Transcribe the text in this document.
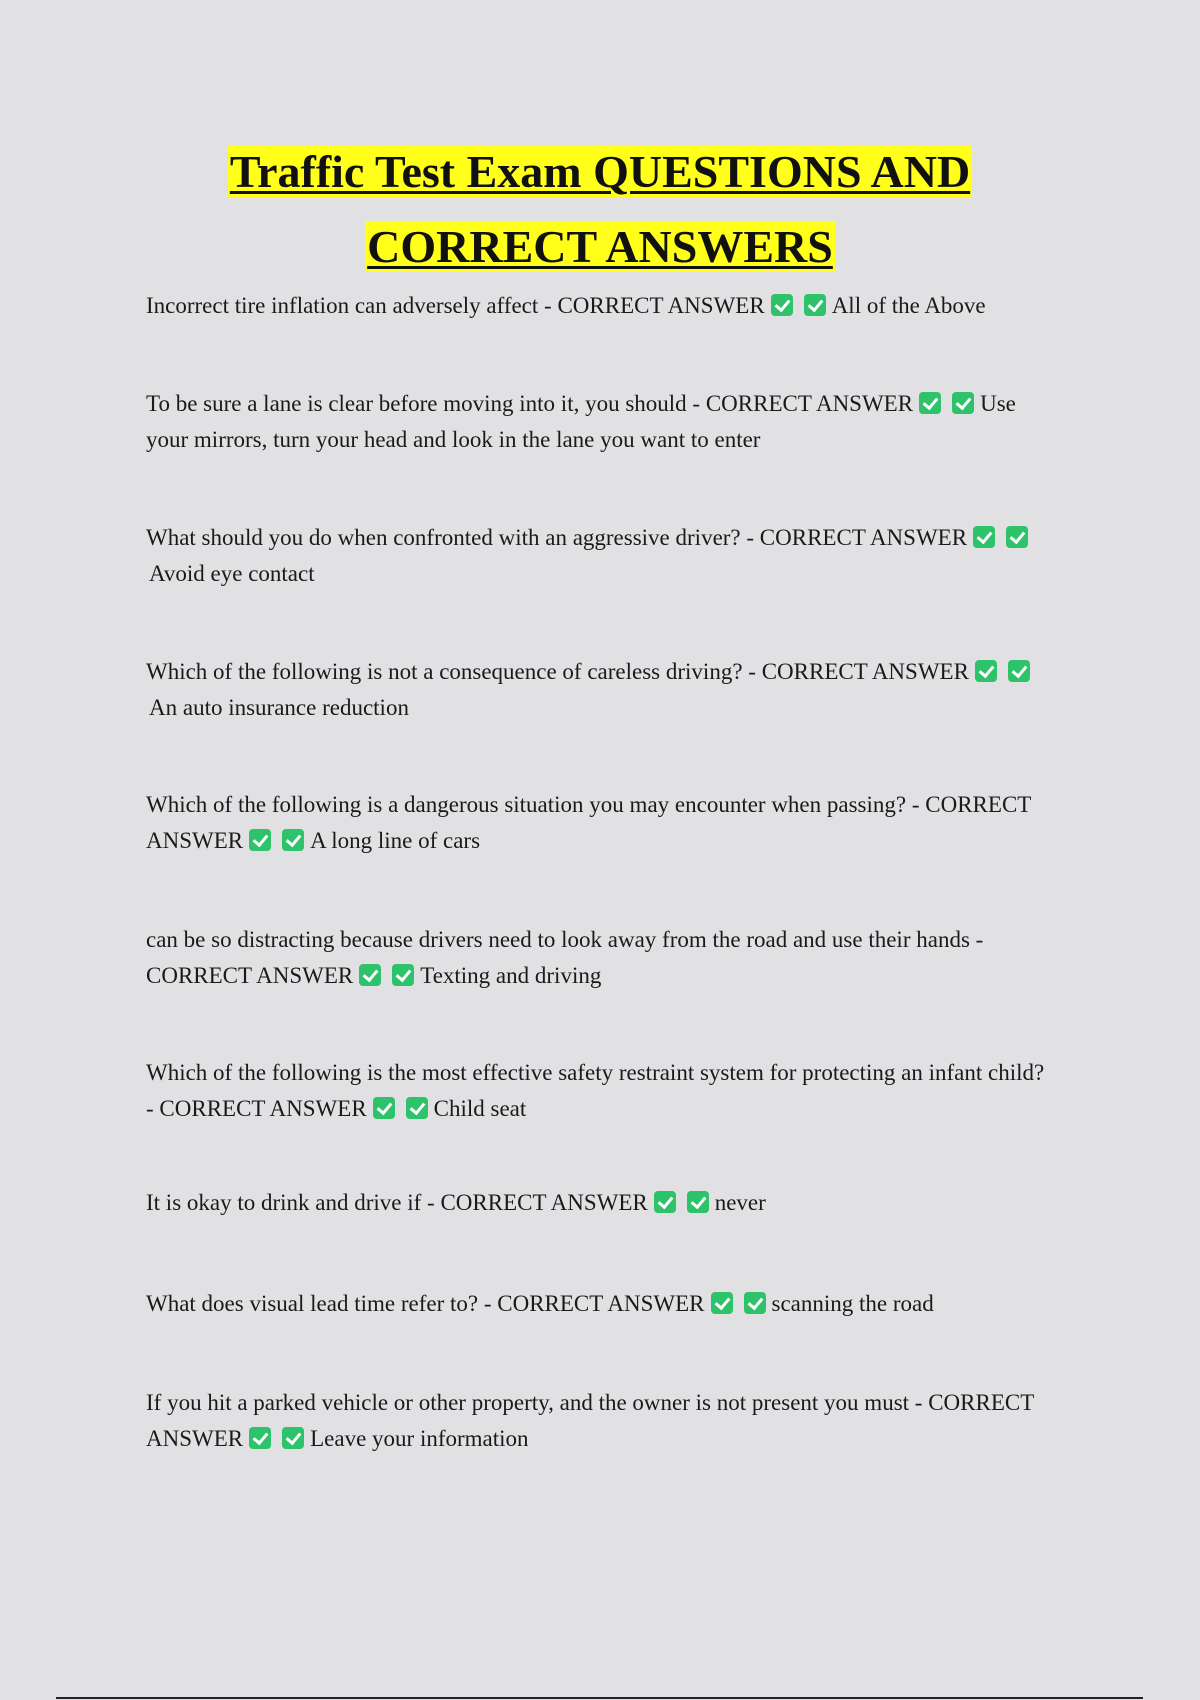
Traffic Test Exam QUESTIONS AND
CORRECT ANSWERS

Incorrect tire inflation can adversely affect - CORRECT ANSWER	All of the Above

To be sure a lane is clear before moving into it, you should - CORRECT ANSWER	Use your mirrors, turn your head and look in the lane you want to enter

What should you do when confronted with an aggressive driver? - CORRECT ANSWERAvoid eye contact

Which of the following is not a consequence of careless driving? - CORRECT ANSWERAn auto insurance reduction

Which of the following is a dangerous situation you may encounter when passing? - CORRECT ANSWER	A long line of cars

can be so distracting because drivers need to look away from the road and use their hands - CORRECT ANSWER	Texting and driving

Which of the following is the most effective safety restraint system for protecting an infant child? - CORRECT ANSWER	Child seat

It is okay to drink and drive if - CORRECT ANSWER	never

What does visual lead time refer to? - CORRECT ANSWER	scanning the road

If you hit a parked vehicle or other property, and the owner is not present you must - CORRECT ANSWER	Leave your information
